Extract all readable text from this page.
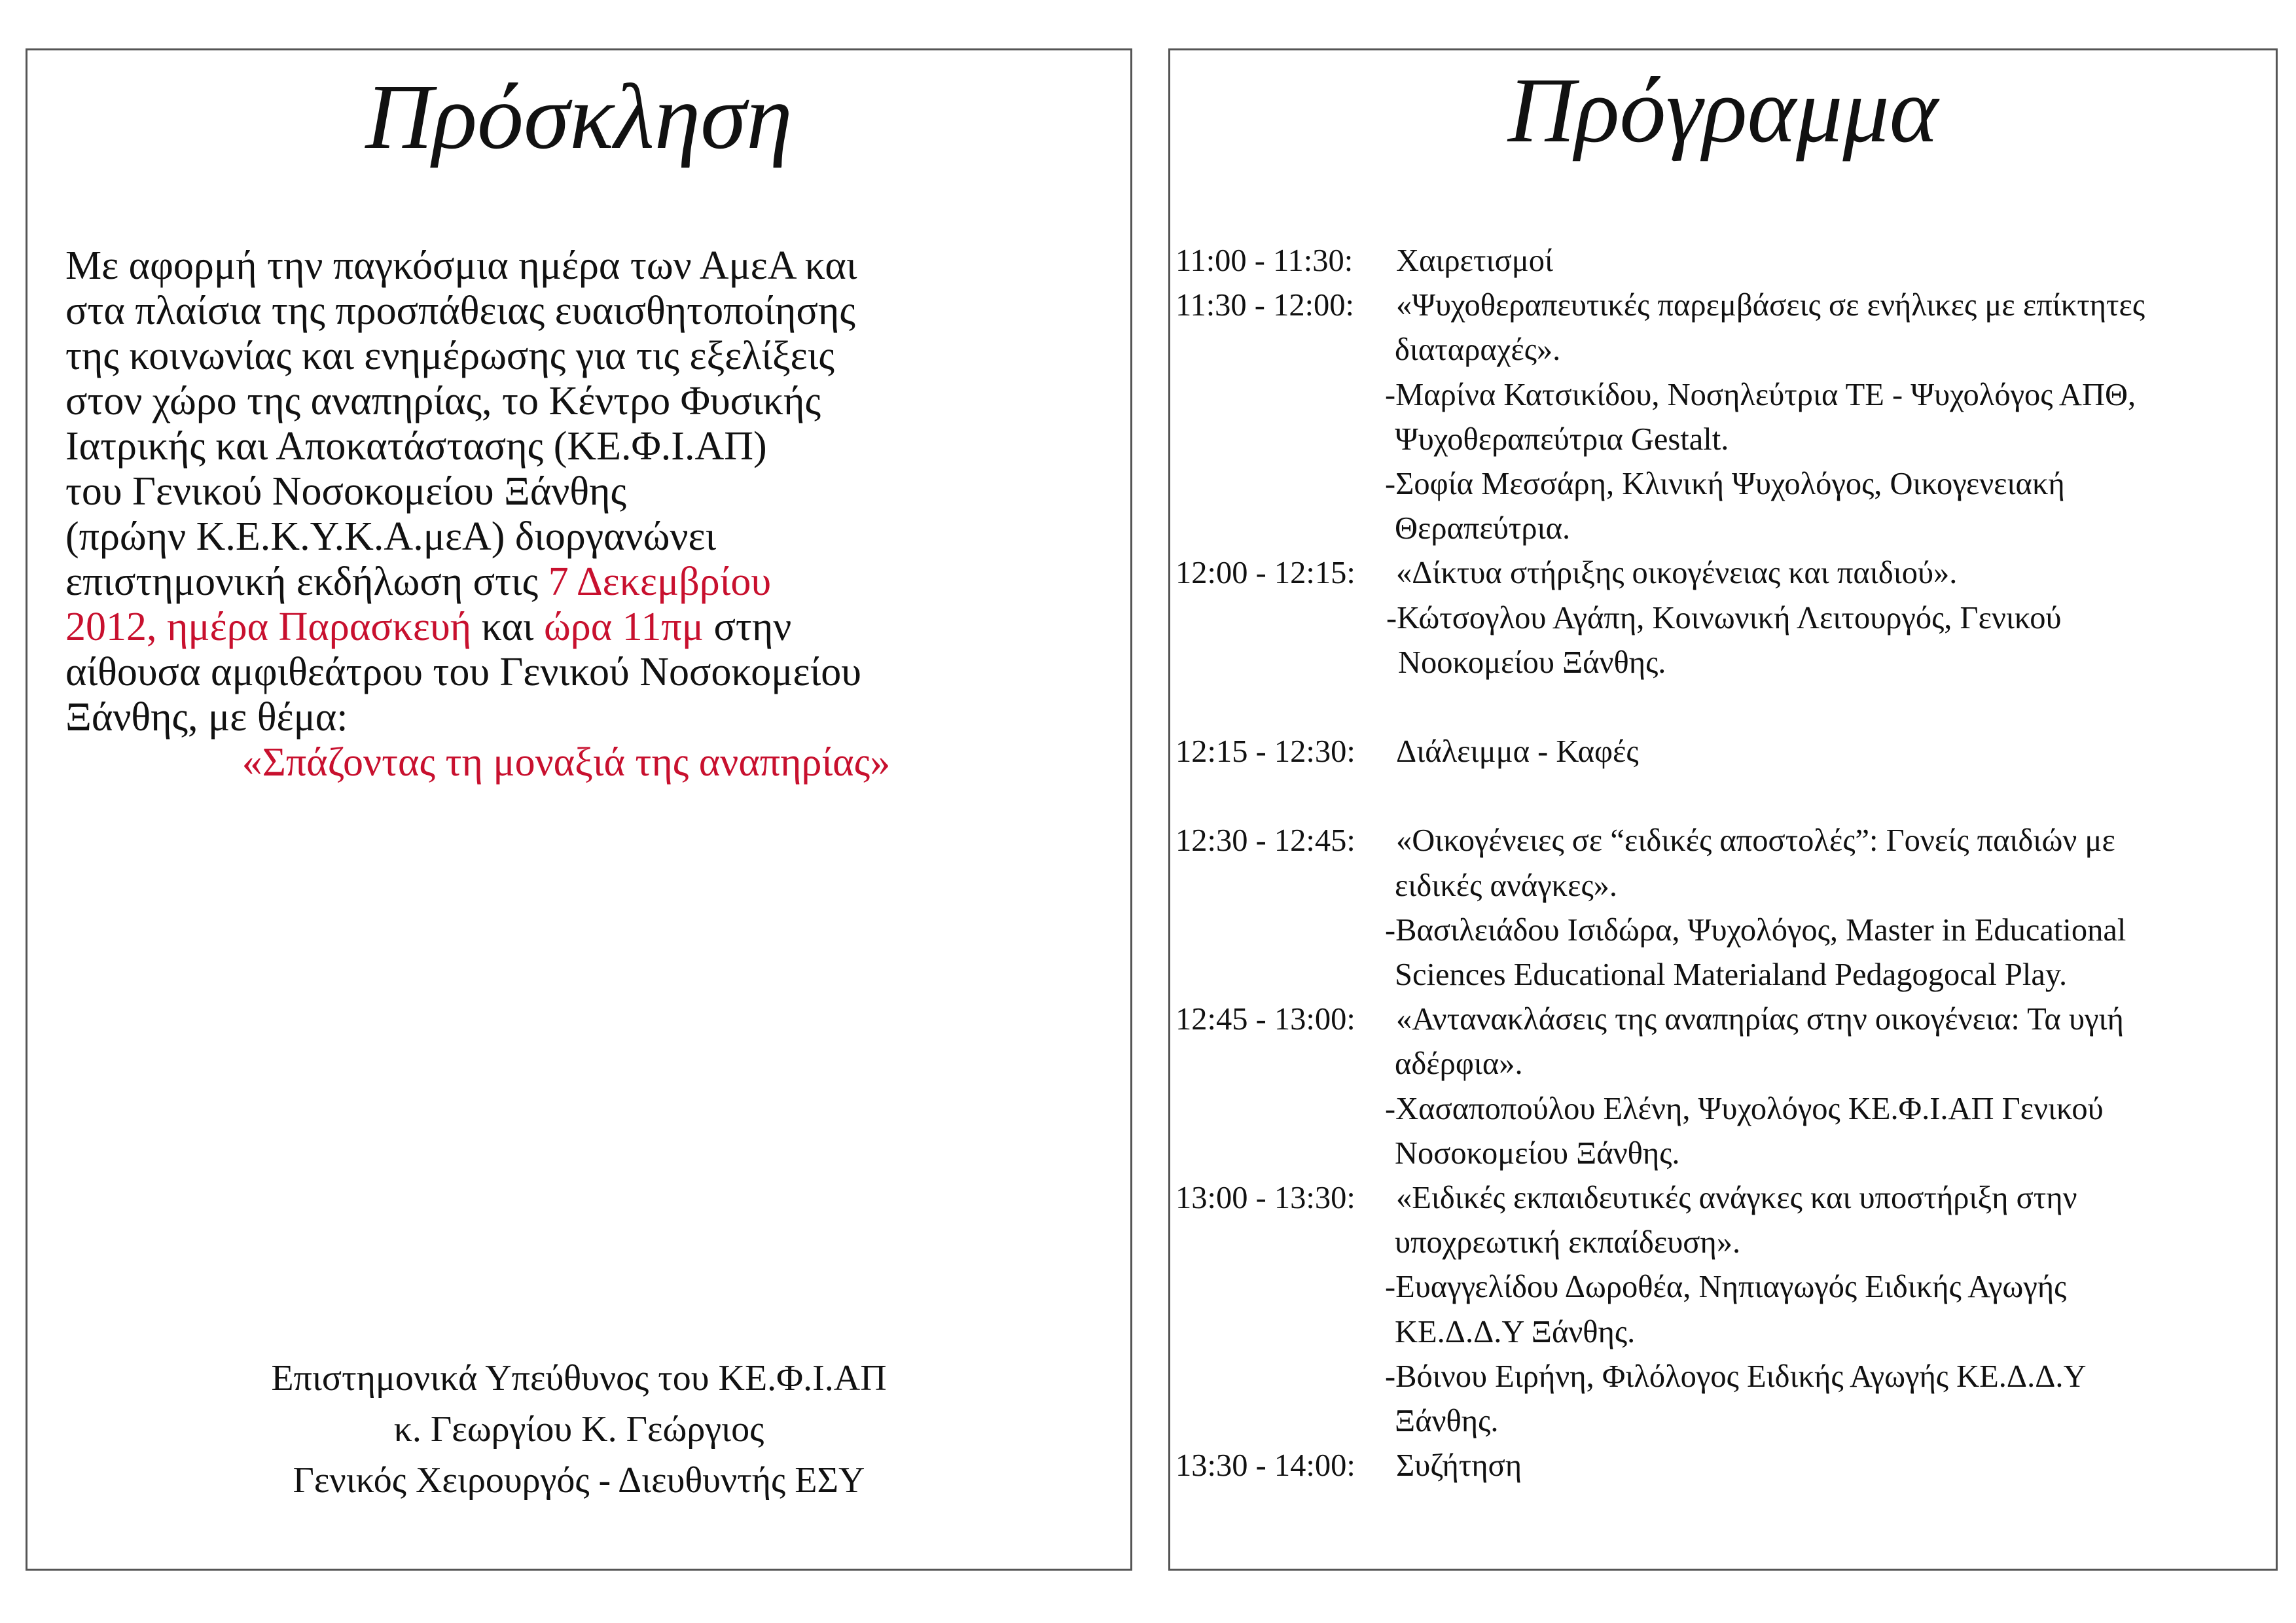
Πρόσκληση
Με αφορμή την παγκόσμια ημέρα των ΑμεΑ και
στα πλαίσια της προσπάθειας ευαισθητοποίησης
της κοινωνίας και ενημέρωσης για τις εξελίξεις
στον χώρο της αναπηρίας, το Κέντρο Φυσικής
Ιατρικής και Αποκατάστασης (ΚΕ.Φ.Ι.ΑΠ)
του Γενικού Νοσοκομείου Ξάνθης
(πρώην Κ.Ε.Κ.Υ.Κ.Α.μεΑ) διοργανώνει
επιστημονική εκδήλωση στις 7 Δεκεμβρίου
2012, ημέρα Παρασκευή και ώρα 11πμ στην
αίθουσα αμφιθεάτρου του Γενικού Νοσοκομείου
Ξάνθης, με θέμα:
«Σπάζοντας τη μοναξιά της αναπηρίας»
Επιστημονικά Υπεύθυνος του ΚΕ.Φ.Ι.ΑΠ
κ. Γεωργίου Κ. Γεώργιος
Γενικός Χειρουργός - Διευθυντής ΕΣΥ
Πρόγραμμα
11:00 - 11:30: Χαιρετισμοί
11:30 - 12:00: «Ψυχοθεραπευτικές παρεμβάσεις σε ενήλικες με επίκτητες
διαταραχές».
-Μαρίνα Κατσικίδου, Νοσηλεύτρια ΤΕ - Ψυχολόγος ΑΠΘ,
Ψυχοθεραπεύτρια Gestalt.
-Σοφία Μεσσάρη, Κλινική Ψυχολόγος, Οικογενειακή
Θεραπεύτρια.
12:00 - 12:15: «Δίκτυα στήριξης οικογένειας και παιδιού».
-Κώτσογλου Αγάπη, Κοινωνική Λειτουργός, Γενικού
Νοοκομείου Ξάνθης.
12:15 - 12:30: Διάλειμμα - Καφές
12:30 - 12:45: «Οικογένειες σε “ειδικές αποστολές”: Γονείς παιδιών με
ειδικές ανάγκες».
-Βασιλειάδου Ισιδώρα, Ψυχολόγος, Master in Educational
Sciences Educational Materialand Pedagogocal Play.
12:45 - 13:00: «Αντανακλάσεις της αναπηρίας στην οικογένεια: Τα υγιή
αδέρφια».
-Χασαποπούλου Ελένη, Ψυχολόγος ΚΕ.Φ.Ι.ΑΠ Γενικού
Νοσοκομείου Ξάνθης.
13:00 - 13:30: «Ειδικές εκπαιδευτικές ανάγκες και υποστήριξη στην
υποχρεωτική εκπαίδευση».
-Ευαγγελίδου Δωροθέα, Νηπιαγωγός Ειδικής Αγωγής
ΚΕ.Δ.Δ.Υ Ξάνθης.
-Βόινου Ειρήνη, Φιλόλογος Ειδικής Αγωγής ΚΕ.Δ.Δ.Υ
Ξάνθης.
13:30 - 14:00: Συζήτηση
